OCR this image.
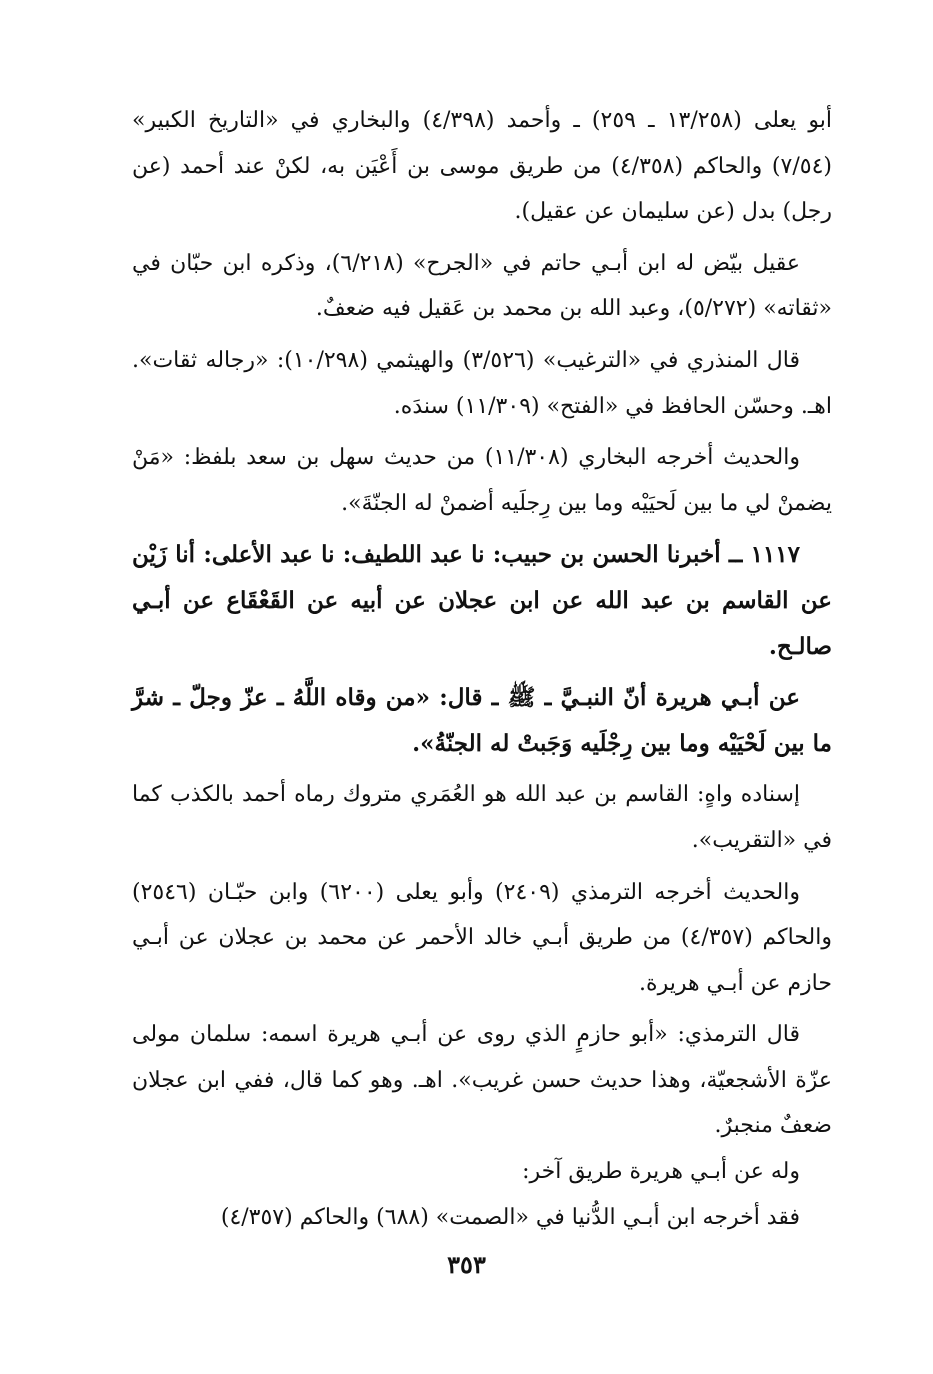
أبو يعلى (١٣/٢٥٨ ـ ٢٥٩) ـ وأحمد (٤/٣٩٨) والبخاري في «التاريخ الكبير» (٧/٥٤) والحاكم (٤/٣٥٨) من طريق موسى بن أَعْيَن به، لكنْ عند أحمد (عن رجل) بدل (عن سليمان عن عقيل).

عقيل بيّض له ابن أبـي حاتم في «الجرح» (٦/٢١٨)، وذكره ابن حبّان في «ثقاته» (٥/٢٧٢)، وعبد الله بن محمد بن عَقيل فيه ضعفٌ.

قال المنذري في «الترغيب» (٣/٥٢٦) والهيثمي (١٠/٢٩٨): «رجاله ثقات». اهـ. وحسّن الحافظ في «الفتح» (١١/٣٠٩) سندَه.

والحديث أخرجه البخاري (١١/٣٠٨) من حديث سهل بن سعد بلفظ: «مَنْ يضمنْ لي ما بين لَحيَيْه وما بين رِجلَيه أضمنْ له الجنّةَ».

١١١٧ ــ أخبرنا الحسن بن حبيب: نا عبد اللطيف: نا عبد الأعلى: أنا زَيْن عن القاسم بن عبد الله عن ابن عجلان عن أبيه عن القَعْقَاع عن أبـي صالـح.

عن أبـي هريرة أنّ النبـيَّ ـ ﷺ ـ قال: «من وقاه اللَّهُ ـ عزّ وجلّ ـ شرَّ ما بين لَحْيَيْه وما بين رِجْلَيه وَجَبتْ له الجنّةُ».

إسناده واهٍ: القاسم بن عبد الله هو العُمَري متروك رماه أحمد بالكذب كما في «التقريب».

والحديث أخرجه الترمذي (٢٤٠٩) وأبو يعلى (٦٢٠٠) وابن حبّـان (٢٥٤٦) والحاكم (٤/٣٥٧) من طريق أبـي خالد الأحمر عن محمد بن عجلان عن أبـي حازم عن أبـي هريرة.

قال الترمذي: «أبو حازمٍ الذي روى عن أبـي هريرة اسمه: سلمان مولى عزّة الأشجعيّة، وهذا حديث حسن غريب». اهـ. وهو كما قال، ففي ابن عجلان ضعفٌ منجبرٌ.

وله عن أبـي هريرة طريق آخر:

فقد أخرجه ابن أبـي الدُّنيا في «الصمت» (٦٨٨) والحاكم (٤/٣٥٧)

٣٥٣
